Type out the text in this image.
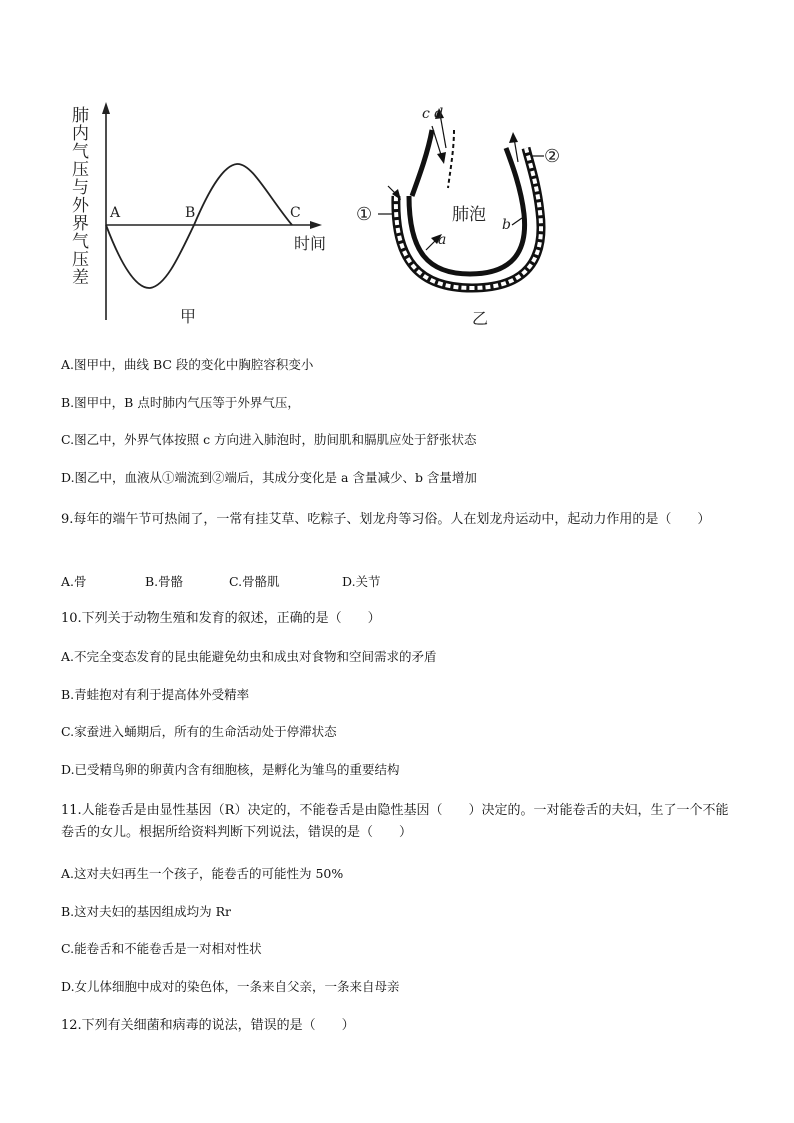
肺内气压与外界气压差 A	B	C
时间
甲
c d
肺泡 b
a
①
②
乙
A.图甲中，曲线 BC 段的变化中胸腔容积变小
B.图甲中，B 点时肺内气压等于外界气压，
C.图乙中，外界气体按照 c 方向进入肺泡时，肋间肌和膈肌应处于舒张状态
D.图乙中，血液从①端流到②端后，其成分变化是 a 含量减少、b 含量增加
9.每年的端午节可热闹了，一常有挂艾草、吃粽子、划龙舟等习俗。人在划龙舟运动中，起动力作用的是（　　）
A.骨	B.骨骼	C.骨骼肌	D.关节
10.下列关于动物生殖和发育的叙述，正确的是（　　）
A.不完全变态发育的昆虫能避免幼虫和成虫对食物和空间需求的矛盾
B.青蛙抱对有利于提高体外受精率
C.家蚕进入蛹期后，所有的生命活动处于停滞状态
D.已受精鸟卵的卵黄内含有细胞核，是孵化为雏鸟的重要结构
11.人能卷舌是由显性基因（R）决定的，不能卷舌是由隐性基因（　　）决定的。一对能卷舌的夫妇，生了一个不能卷舌的女儿。根据所给资料判断下列说法，错误的是（　　）
A.这对夫妇再生一个孩子，能卷舌的可能性为 50%
B.这对夫妇的基因组成均为 Rr
C.能卷舌和不能卷舌是一对相对性状
D.女儿体细胞中成对的染色体，一条来自父亲，一条来自母亲
12.下列有关细菌和病毒的说法，错误的是（　　）
